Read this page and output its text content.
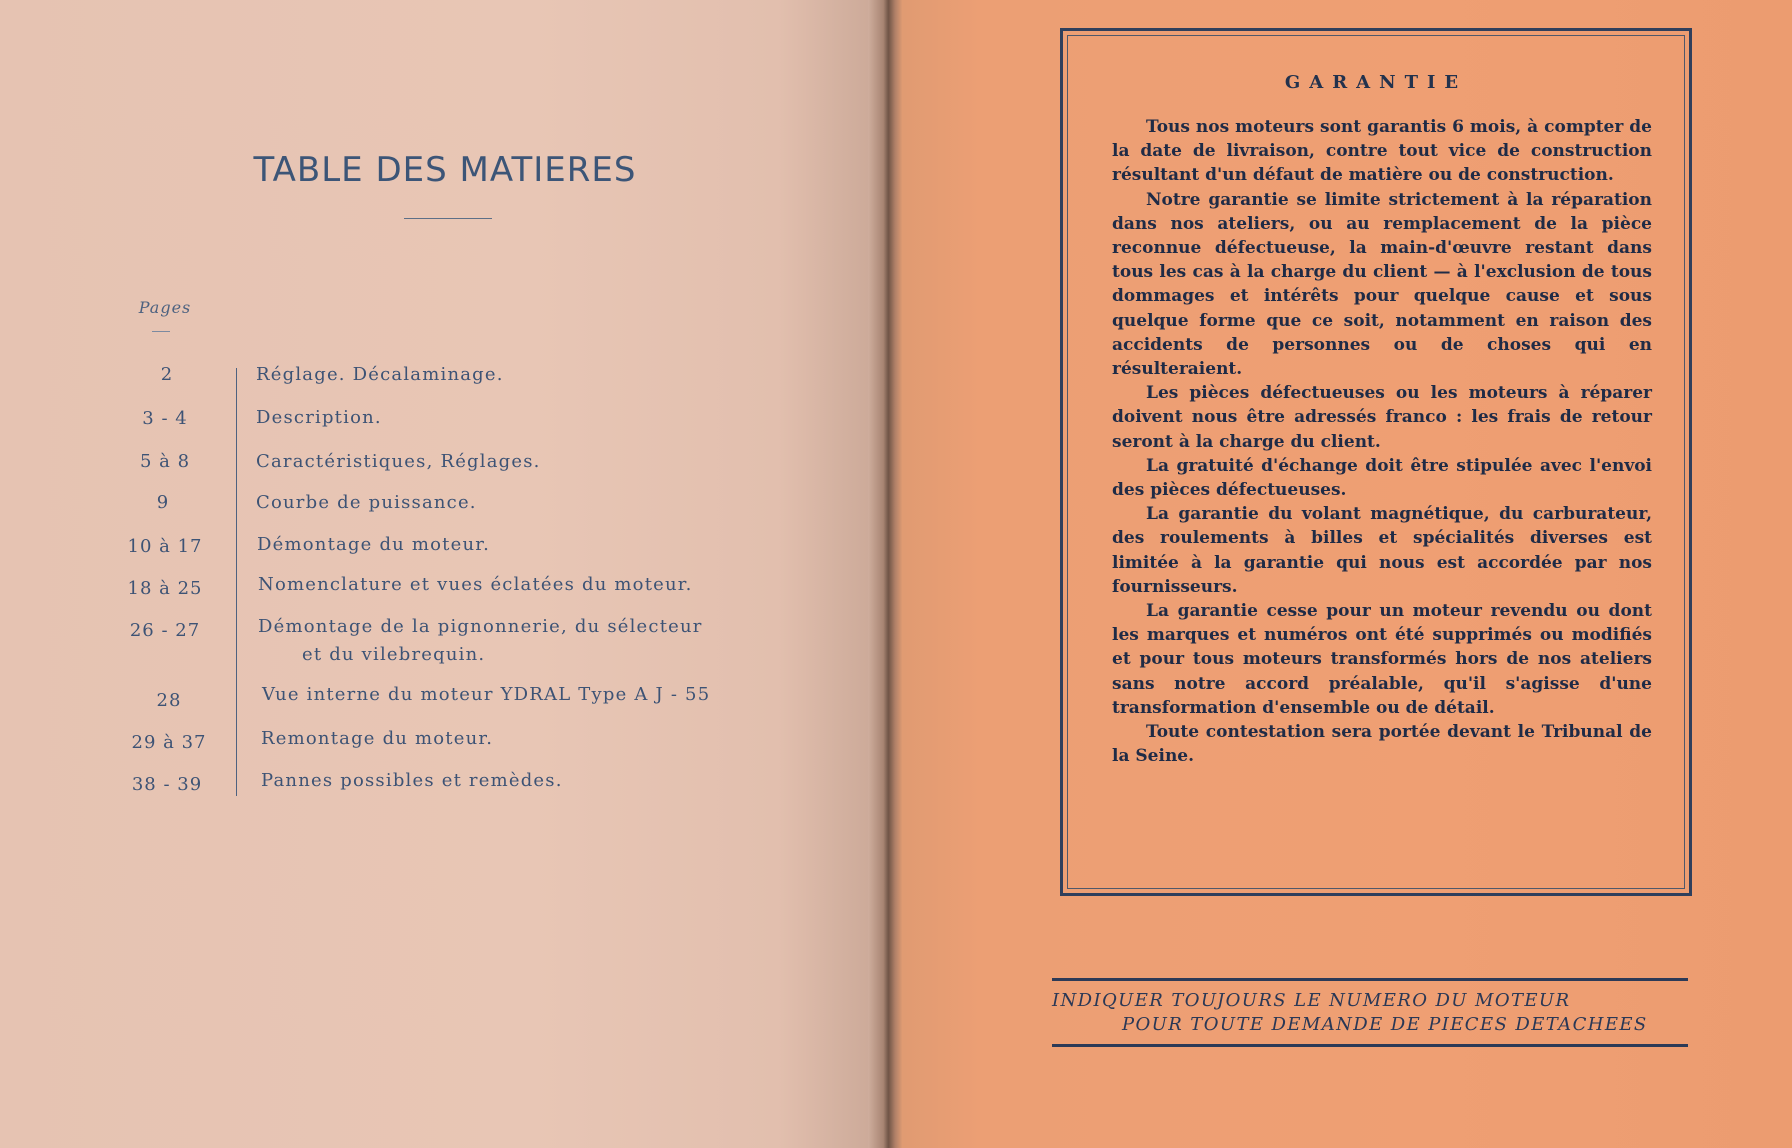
TABLE DES MATIERES
Pages
2	Réglage. Décalaminage.
3 - 4	Description.
5 à 8	Caractéristiques, Réglages.
9	Courbe de puissance.
10 à 17	Démontage du moteur.
18 à 25	Nomenclature et vues éclatées du moteur.
26 - 27	Démontage de la pignonnerie, du sélecteur
et du vilebrequin.
28	Vue interne du moteur YDRAL Type A J - 55
29 à 37	Remontage du moteur.
38 - 39	Pannes possibles et remèdes.
GARANTIE

Tous nos moteurs sont garantis 6 mois, à compter de la date de livraison, contre tout vice de construction résultant d'un défaut de matière ou de construction.

Notre garantie se limite strictement à la réparation dans nos ateliers, ou au remplacement de la pièce reconnue défectueuse, la main-d'œuvre restant dans tous les cas à la charge du client — à l'exclusion de tous dommages et intérêts pour quelque cause et sous quelque forme que ce soit, notamment en raison des accidents de personnes ou de choses qui en résulteraient.

Les pièces défectueuses ou les moteurs à réparer doivent nous être adressés franco : les frais de retour seront à la charge du client.

La gratuité d'échange doit être stipulée avec l'envoi des pièces défectueuses.

La garantie du volant magnétique, du carburateur, des roulements à billes et spécialités diverses est limitée à la garantie qui nous est accordée par nos fournisseurs.

La garantie cesse pour un moteur revendu ou dont les marques et numéros ont été supprimés ou modifiés et pour tous moteurs transformés hors de nos ateliers sans notre accord préalable, qu'il s'agisse d'une transformation d'ensemble ou de détail.

Toute contestation sera portée devant le Tribunal de la Seine.

INDIQUER TOUJOURS LE NUMERO DU MOTEUR
POUR TOUTE DEMANDE DE PIECES DETACHEES
